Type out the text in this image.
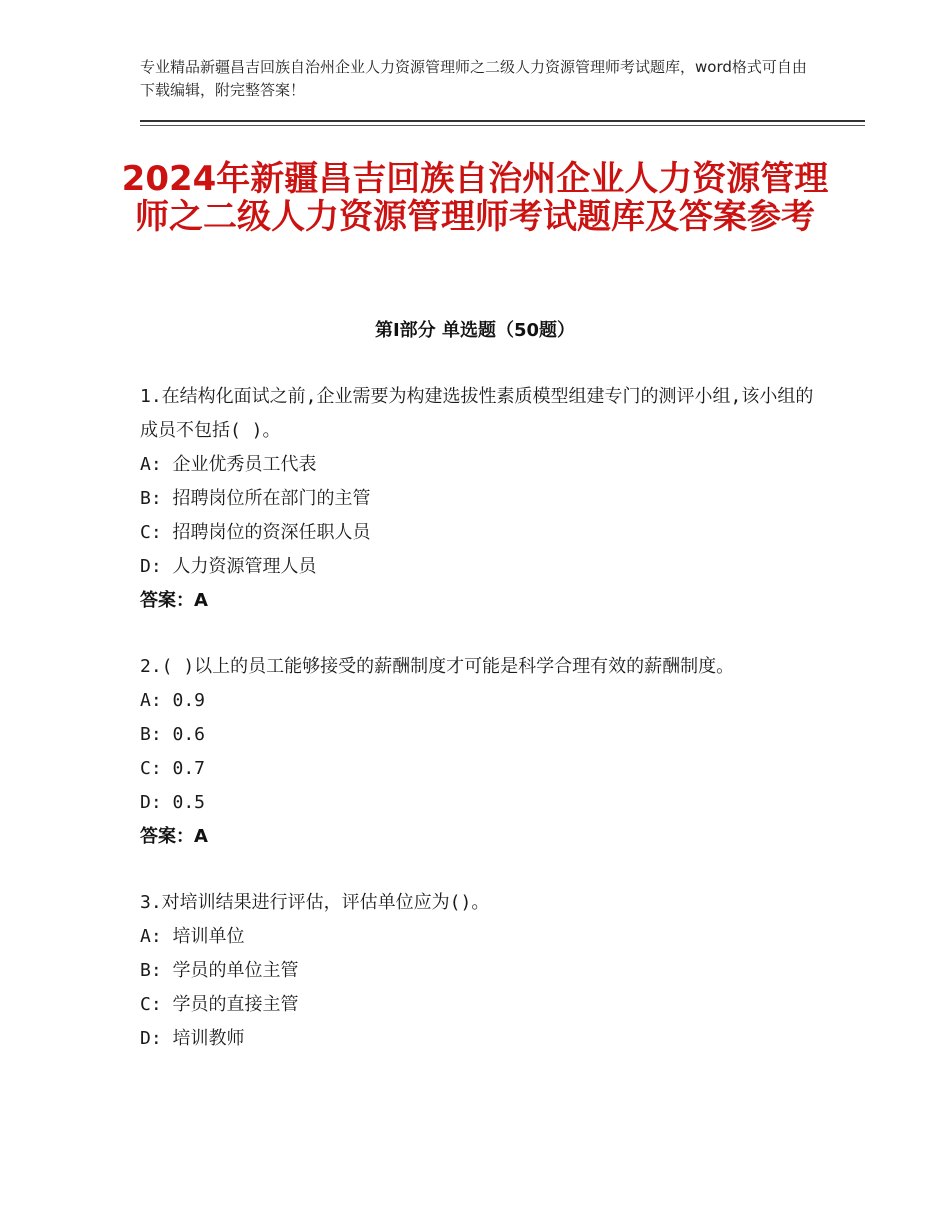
专业精品新疆昌吉回族自治州企业人力资源管理师之二级人力资源管理师考试题库，word格式可自由下载编辑，附完整答案！
2024年新疆昌吉回族自治州企业人力资源管理师之二级人力资源管理师考试题库及答案参考
第Ⅰ部分 单选题（50题）
1.在结构化面试之前,企业需要为构建选拔性素质模型组建专门的测评小组,该小组的成员不包括( )。
A: 企业优秀员工代表
B: 招聘岗位所在部门的主管
C: 招聘岗位的资深任职人员
D: 人力资源管理人员
答案：A
2.( )以上的员工能够接受的薪酬制度才可能是科学合理有效的薪酬制度。
A: 0.9
B: 0.6
C: 0.7
D: 0.5
答案：A
3.对培训结果进行评估，评估单位应为()。
A: 培训单位
B: 学员的单位主管
C: 学员的直接主管
D: 培训教师
